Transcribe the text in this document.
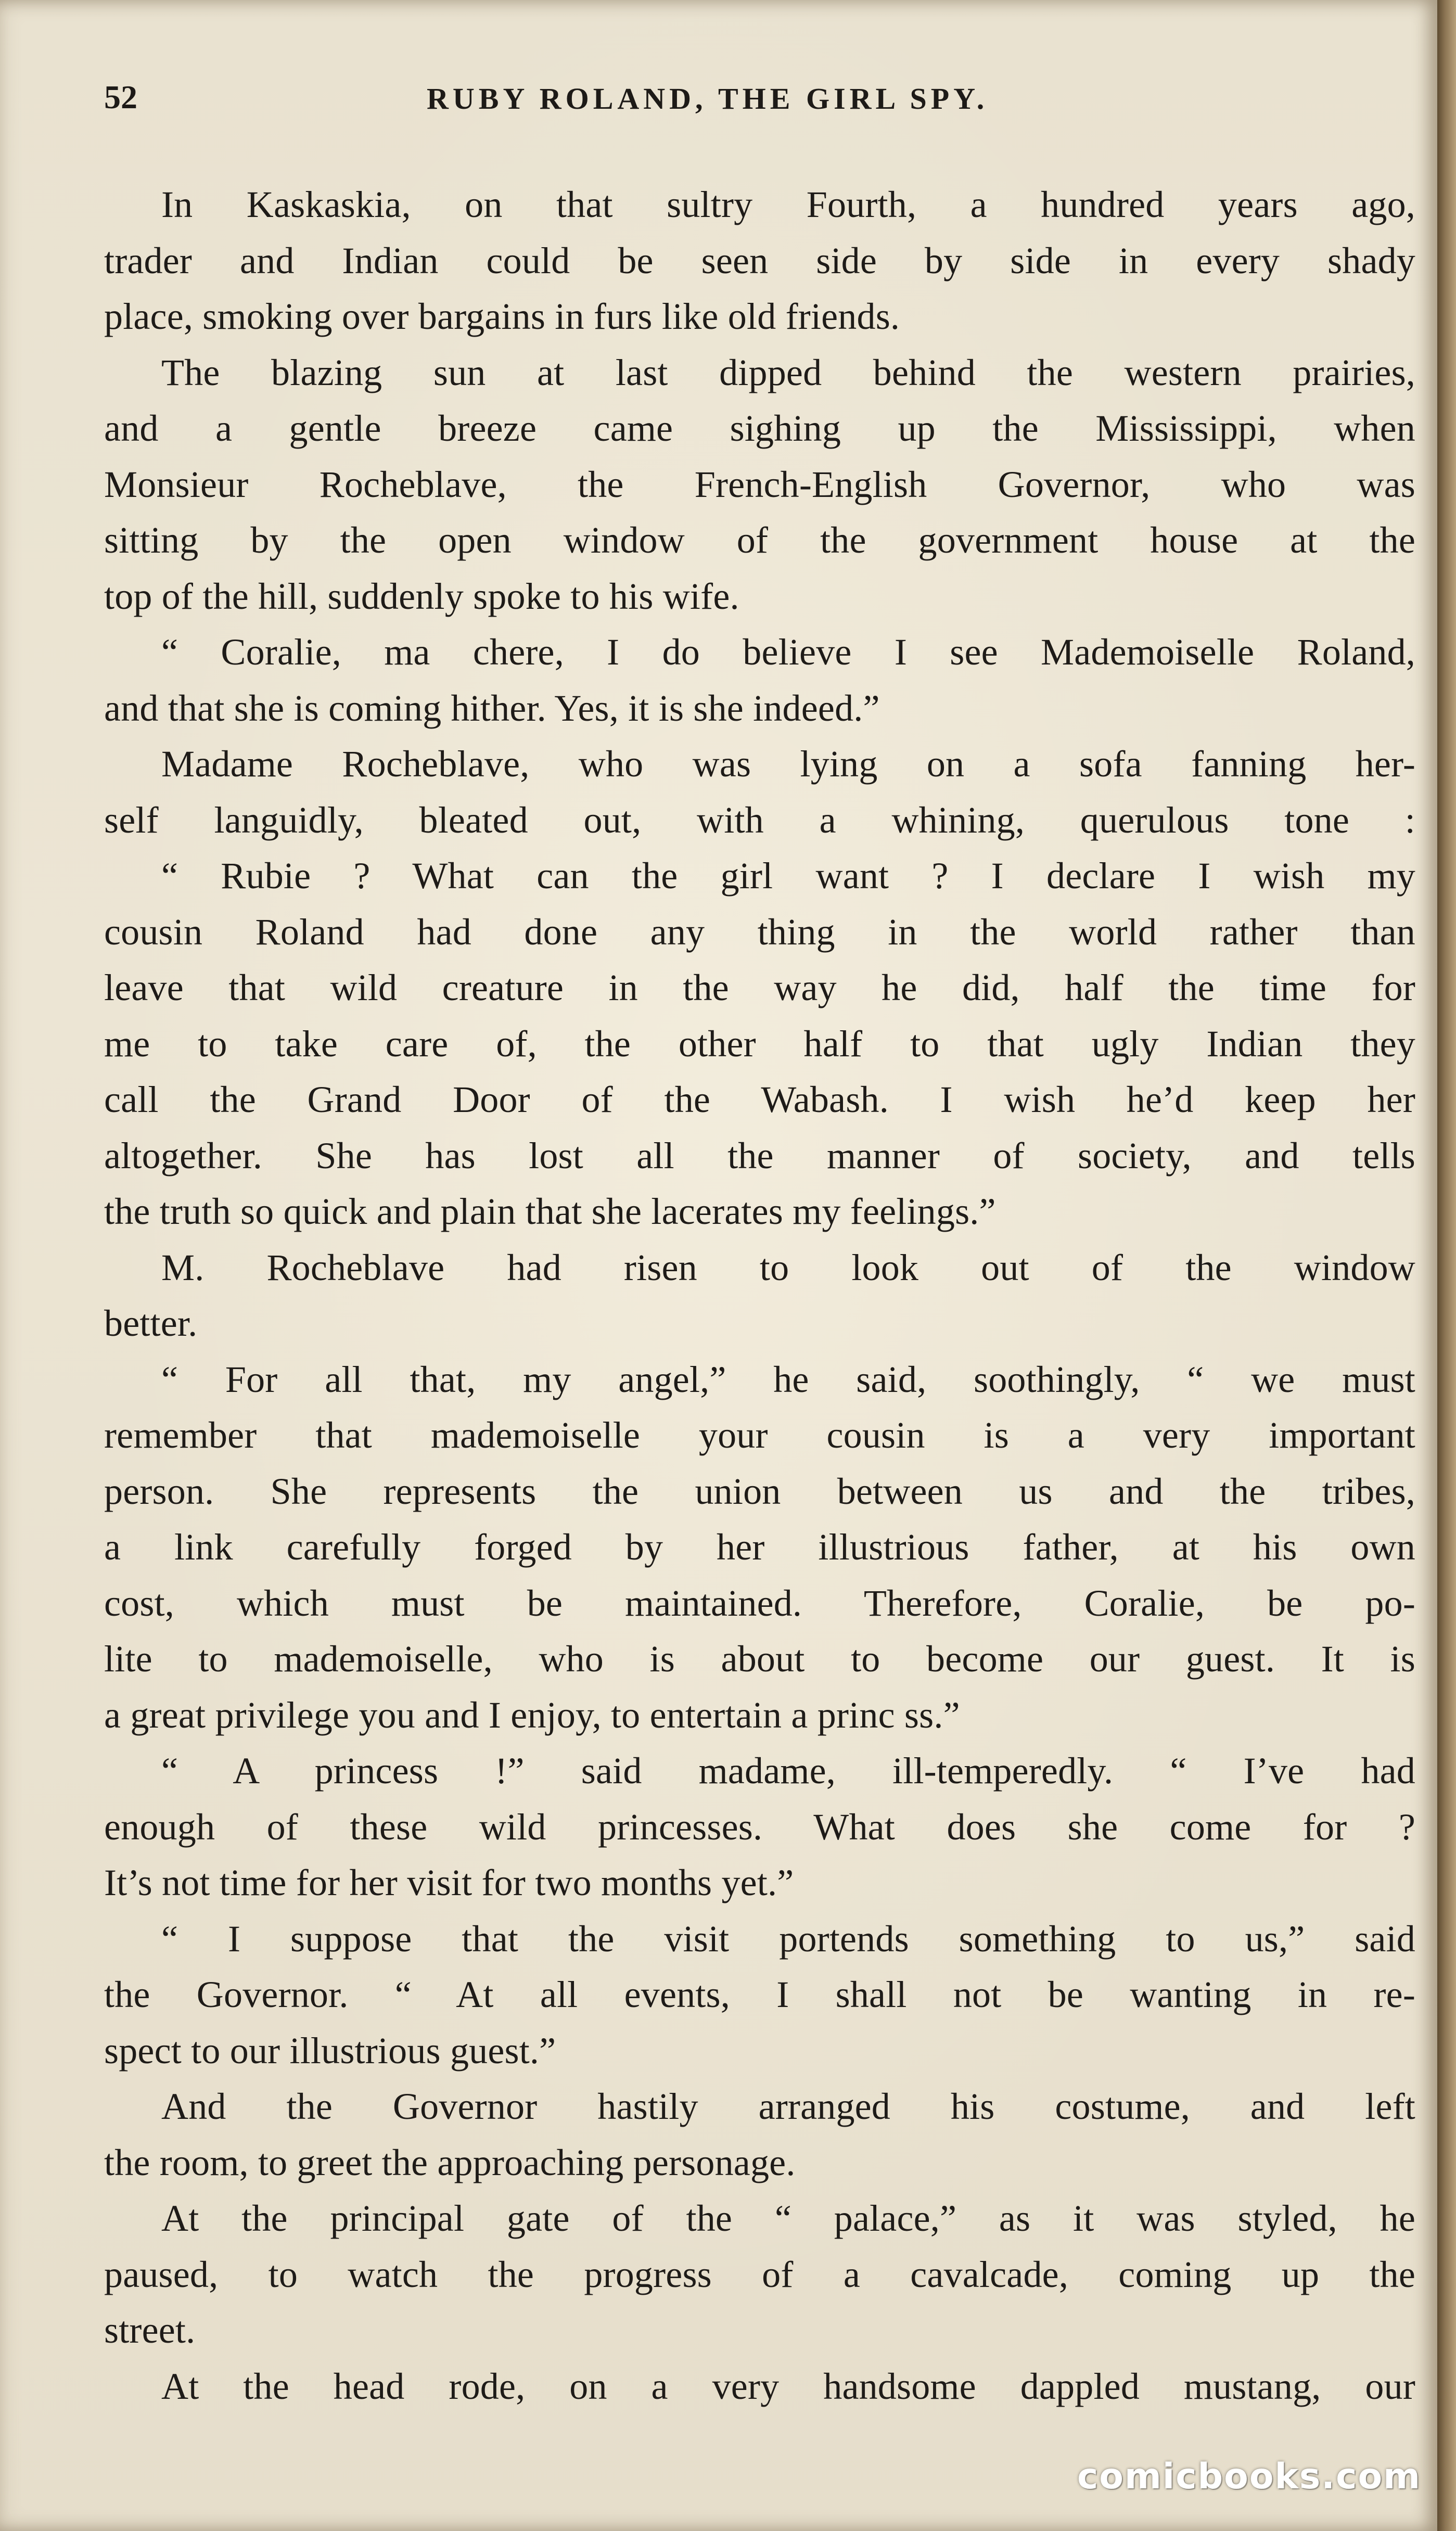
52	RUBY ROLAND, THE GIRL SPY.
In Kaskaskia, on that sultry Fourth, a hundred years ago,
trader and Indian could be seen side by side in every shady
place, smoking over bargains in furs like old friends.
The blazing sun at last dipped behind the western prairies,
and a gentle breeze came sighing up the Mississippi, when
Monsieur Rocheblave, the French-English Governor, who was
sitting by the open window of the government house at the
top of the hill, suddenly spoke to his wife.
“ Coralie, ma chere, I do believe I see Mademoiselle Roland,
and that she is coming hither. Yes, it is she indeed.”
Madame Rocheblave, who was lying on a sofa fanning her-
self languidly, bleated out, with a whining, querulous tone :
“ Rubie ? What can the girl want ? I declare I wish my
cousin Roland had done any thing in the world rather than
leave that wild creature in the way he did, half the time for
me to take care of, the other half to that ugly Indian they
call the Grand Door of the Wabash. I wish he’d keep her
altogether. She has lost all the manner of society, and tells
the truth so quick and plain that she lacerates my feelings.”
M. Rocheblave had risen to look out of the window
better.
“ For all that, my angel,” he said, soothingly, “ we must
remember that mademoiselle your cousin is a very important
person. She represents the union between us and the tribes,
a link carefully forged by her illustrious father, at his own
cost, which must be maintained. Therefore, Coralie, be po-
lite to mademoiselle, who is about to become our guest. It is
a great privilege you and I enjoy, to entertain a princ ss.”
“ A princess !” said madame, ill-temperedly. “ I’ve had
enough of these wild princesses. What does she come for ?
It’s not time for her visit for two months yet.”
“ I suppose that the visit portends something to us,” said
the Governor. “ At all events, I shall not be wanting in re-
spect to our illustrious guest.”
And the Governor hastily arranged his costume, and left
the room, to greet the approaching personage.
At the principal gate of the “ palace,” as it was styled, he
paused, to watch the progress of a cavalcade, coming up the
street.
At the head rode, on a very handsome dappled mustang, our
comicbooks.com
